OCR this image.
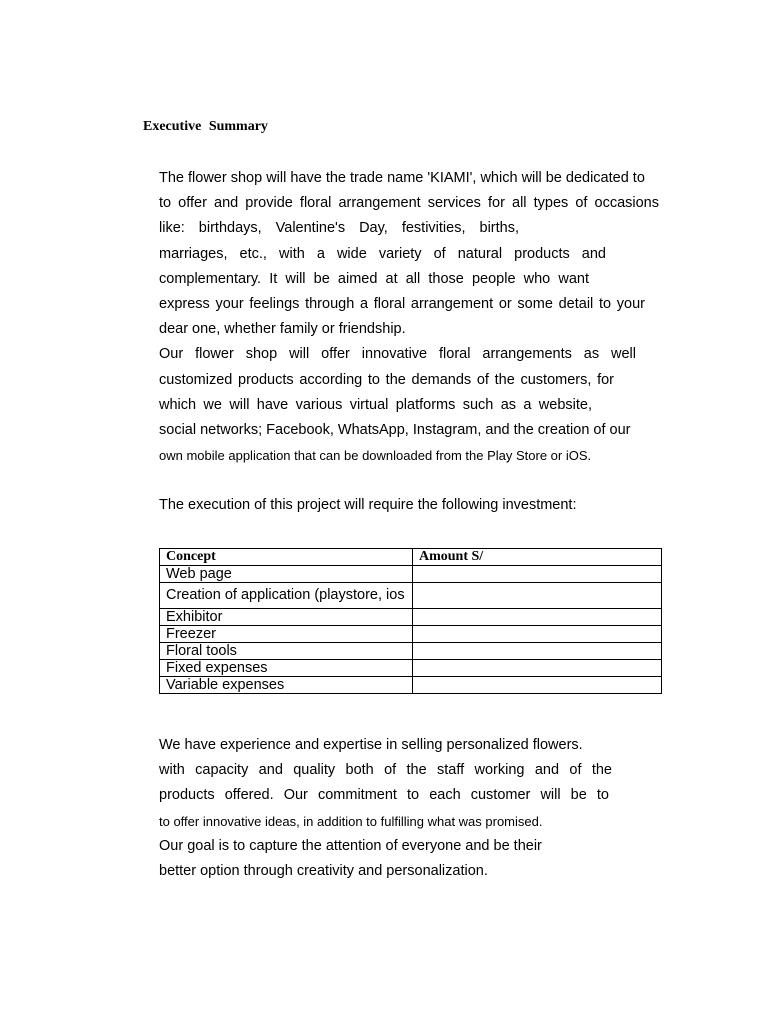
Executive Summary
The flower shop will have the trade name 'KIAMI', which will be dedicated to
to offer and provide floral arrangement services for all types of occasions
like: birthdays, Valentine's Day, festivities, births,
marriages, etc., with a wide variety of natural products and
complementary. It will be aimed at all those people who want
express your feelings through a floral arrangement or some detail to your
dear one, whether family or friendship.
Our flower shop will offer innovative floral arrangements as well
customized products according to the demands of the customers, for
which we will have various virtual platforms such as a website,
social networks; Facebook, WhatsApp, Instagram, and the creation of our
own mobile application that can be downloaded from the Play Store or iOS.
The execution of this project will require the following investment:
Concept	Amount S/
Web page	
Creation of application (playstore, ios	
Exhibitor	
Freezer	
Floral tools	
Fixed expenses	
Variable expenses	
We have experience and expertise in selling personalized flowers.
with capacity and quality both of the staff working and of the
products offered. Our commitment to each customer will be to
to offer innovative ideas, in addition to fulfilling what was promised.
Our goal is to capture the attention of everyone and be their
better option through creativity and personalization.
